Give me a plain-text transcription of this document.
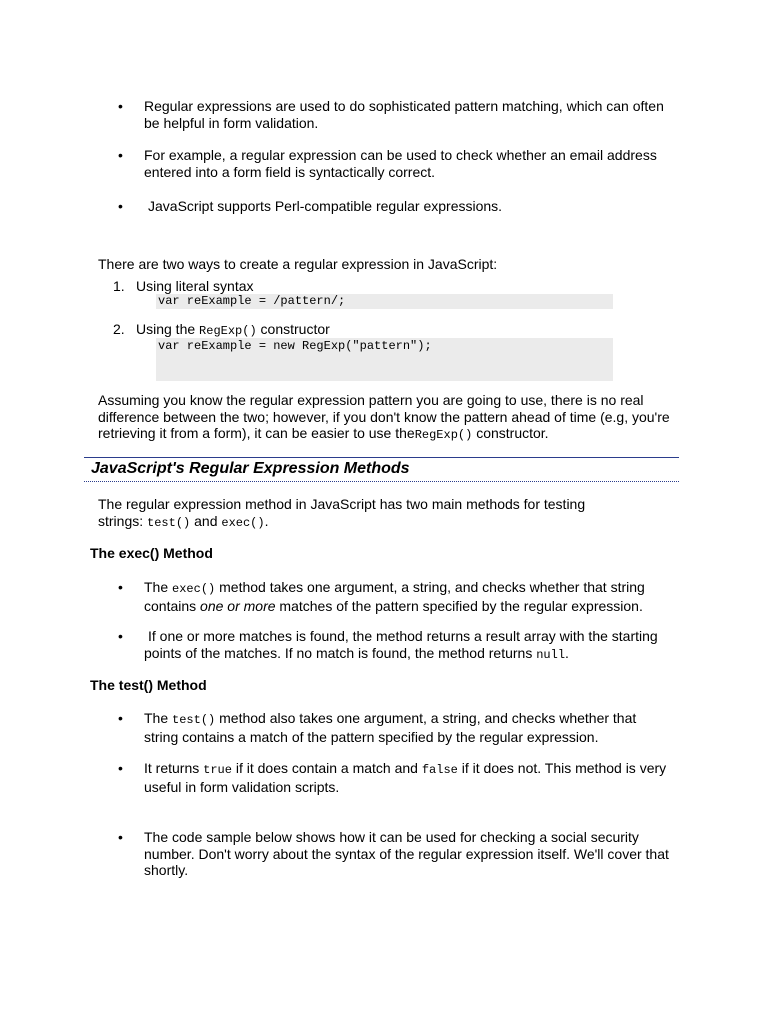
• Regular expressions are used to do sophisticated pattern matching, which can often be helpful in form validation.
• For example, a regular expression can be used to check whether an email address entered into a form field is syntactically correct.
• JavaScript supports Perl-compatible regular expressions.
There are two ways to create a regular expression in JavaScript:
1. Using literal syntax
var reExample = /pattern/;
2. Using the RegExp() constructor
var reExample = new RegExp("pattern");
Assuming you know the regular expression pattern you are going to use, there is no real difference between the two; however, if you don't know the pattern ahead of time (e.g, you're retrieving it from a form), it can be easier to use theRegExp() constructor.
JavaScript's Regular Expression Methods
The regular expression method in JavaScript has two main methods for testing strings: test() and exec().
The exec() Method
• The exec() method takes one argument, a string, and checks whether that string contains one or more matches of the pattern specified by the regular expression.
• If one or more matches is found, the method returns a result array with the starting points of the matches. If no match is found, the method returns null.
The test() Method
• The test() method also takes one argument, a string, and checks whether that string contains a match of the pattern specified by the regular expression.
• It returns true if it does contain a match and false if it does not. This method is very useful in form validation scripts.
• The code sample below shows how it can be used for checking a social security number. Don't worry about the syntax of the regular expression itself. We'll cover that shortly.
